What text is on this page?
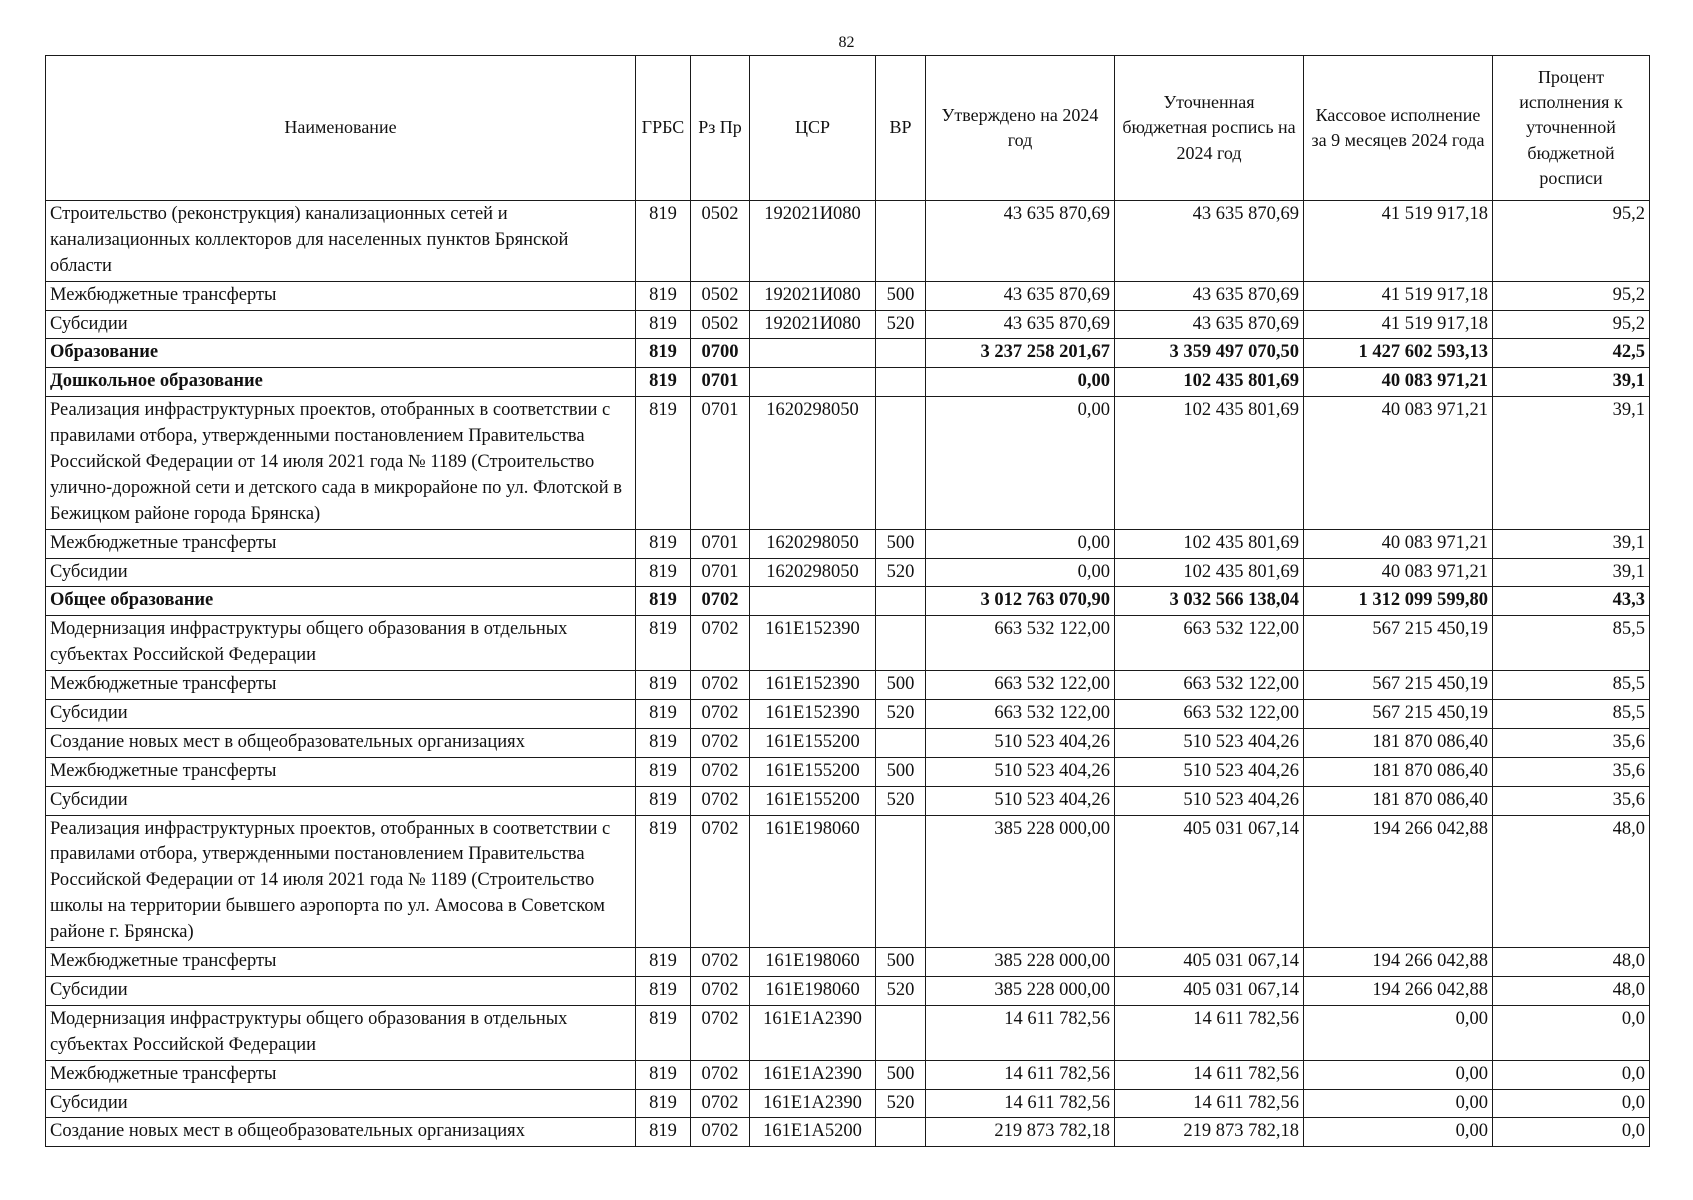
82
Наименование	ГРБС	Рз Пр	ЦСР	ВР	Утверждено на 2024 год	Уточненная бюджетная роспись на 2024 год	Кассовое исполнение за 9 месяцев 2024 года	Процент исполнения к уточненной бюджетной росписи
Строительство (реконструкция) канализационных сетей и канализационных коллекторов для населенных пунктов Брянской области	819	0502	192021И080		43 635 870,69	43 635 870,69	41 519 917,18	95,2
Межбюджетные трансферты	819	0502	192021И080	500	43 635 870,69	43 635 870,69	41 519 917,18	95,2
Субсидии	819	0502	192021И080	520	43 635 870,69	43 635 870,69	41 519 917,18	95,2
Образование	819	0700			3 237 258 201,67	3 359 497 070,50	1 427 602 593,13	42,5
Дошкольное образование	819	0701			0,00	102 435 801,69	40 083 971,21	39,1
Реализация инфраструктурных проектов, отобранных в соответствии с правилами отбора, утвержденными постановлением Правительства Российской Федерации от 14 июля 2021 года № 1189 (Строительство улично-дорожной сети и детского сада в микрорайоне по ул. Флотской в Бежицком районе города Брянска)	819	0701	1620298050		0,00	102 435 801,69	40 083 971,21	39,1
Межбюджетные трансферты	819	0701	1620298050	500	0,00	102 435 801,69	40 083 971,21	39,1
Субсидии	819	0701	1620298050	520	0,00	102 435 801,69	40 083 971,21	39,1
Общее образование	819	0702			3 012 763 070,90	3 032 566 138,04	1 312 099 599,80	43,3
Модернизация инфраструктуры общего образования в отдельных субъектах Российской Федерации	819	0702	161E152390		663 532 122,00	663 532 122,00	567 215 450,19	85,5
Межбюджетные трансферты	819	0702	161E152390	500	663 532 122,00	663 532 122,00	567 215 450,19	85,5
Субсидии	819	0702	161E152390	520	663 532 122,00	663 532 122,00	567 215 450,19	85,5
Создание новых мест в общеобразовательных организациях	819	0702	161E155200		510 523 404,26	510 523 404,26	181 870 086,40	35,6
Межбюджетные трансферты	819	0702	161E155200	500	510 523 404,26	510 523 404,26	181 870 086,40	35,6
Субсидии	819	0702	161E155200	520	510 523 404,26	510 523 404,26	181 870 086,40	35,6
Реализация инфраструктурных проектов, отобранных в соответствии с правилами отбора, утвержденными постановлением Правительства Российской Федерации от 14 июля 2021 года № 1189 (Строительство школы на территории бывшего аэропорта по ул. Амосова в Советском районе г. Брянска)	819	0702	161E198060		385 228 000,00	405 031 067,14	194 266 042,88	48,0
Межбюджетные трансферты	819	0702	161E198060	500	385 228 000,00	405 031 067,14	194 266 042,88	48,0
Субсидии	819	0702	161E198060	520	385 228 000,00	405 031 067,14	194 266 042,88	48,0
Модернизация инфраструктуры общего образования в отдельных субъектах Российской Федерации	819	0702	161E1A2390		14 611 782,56	14 611 782,56	0,00	0,0
Межбюджетные трансферты	819	0702	161E1A2390	500	14 611 782,56	14 611 782,56	0,00	0,0
Субсидии	819	0702	161E1A2390	520	14 611 782,56	14 611 782,56	0,00	0,0
Создание новых мест в общеобразовательных организациях	819	0702	161E1A5200		219 873 782,18	219 873 782,18	0,00	0,0
